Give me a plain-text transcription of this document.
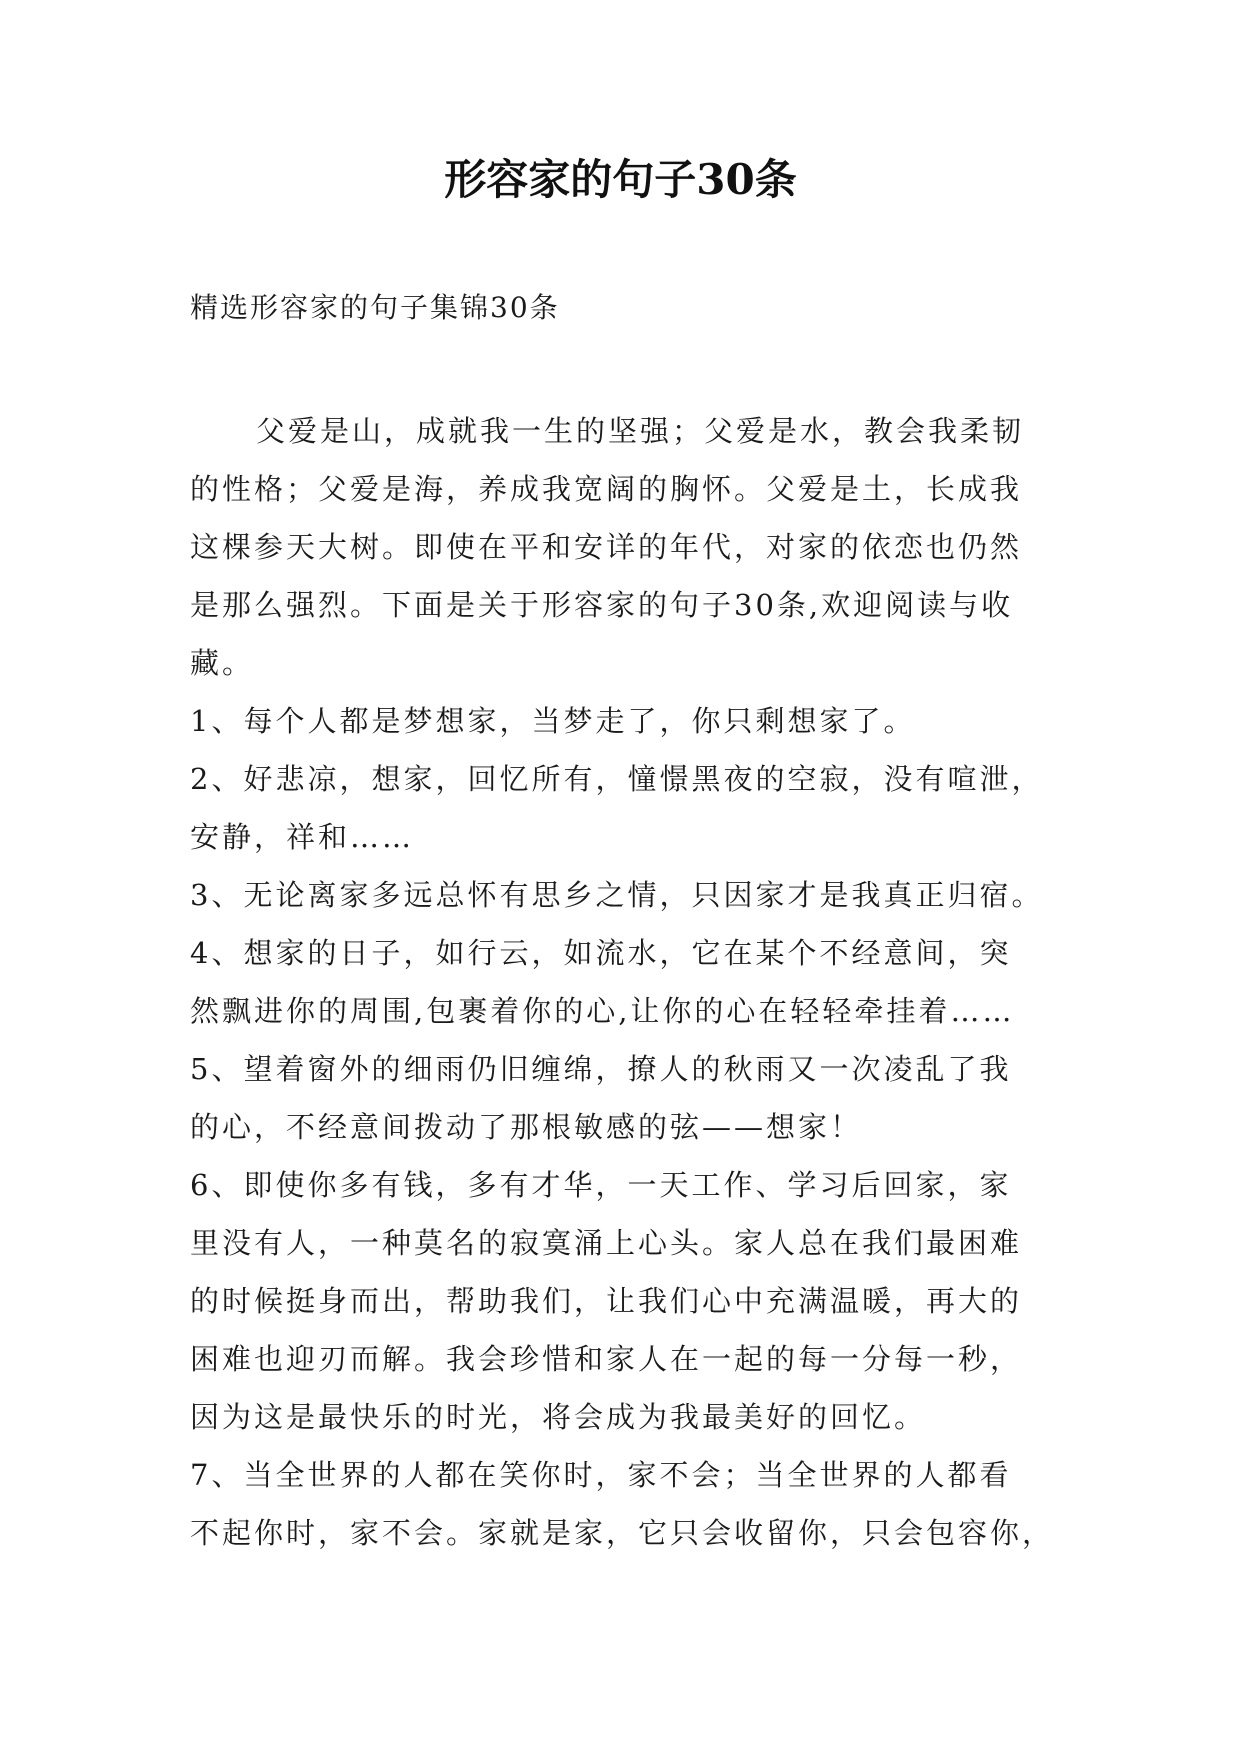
形容家的句子30条
精选形容家的句子集锦30条
父爱是山，成就我一生的坚强；父爱是水，教会我柔韧
的性格；父爱是海，养成我宽阔的胸怀。父爱是土，长成我
这棵参天大树。即使在平和安详的年代，对家的依恋也仍然
是那么强烈。下面是关于形容家的句子30条,欢迎阅读与收
藏。
1、每个人都是梦想家，当梦走了，你只剩想家了。
2、好悲凉，想家，回忆所有，憧憬黑夜的空寂，没有喧泄，
安静，祥和……
3、无论离家多远总怀有思乡之情，只因家才是我真正归宿。
4、想家的日子，如行云，如流水，它在某个不经意间，突
然飘进你的周围,包裹着你的心,让你的心在轻轻牵挂着……
5、望着窗外的细雨仍旧缠绵，撩人的秋雨又一次凌乱了我
的心，不经意间拨动了那根敏感的弦——想家！
6、即使你多有钱，多有才华，一天工作、学习后回家，家
里没有人，一种莫名的寂寞涌上心头。家人总在我们最困难
的时候挺身而出，帮助我们，让我们心中充满温暖，再大的
困难也迎刃而解。我会珍惜和家人在一起的每一分每一秒，
因为这是最快乐的时光，将会成为我最美好的回忆。
7、当全世界的人都在笑你时，家不会；当全世界的人都看
不起你时，家不会。家就是家，它只会收留你，只会包容你，
